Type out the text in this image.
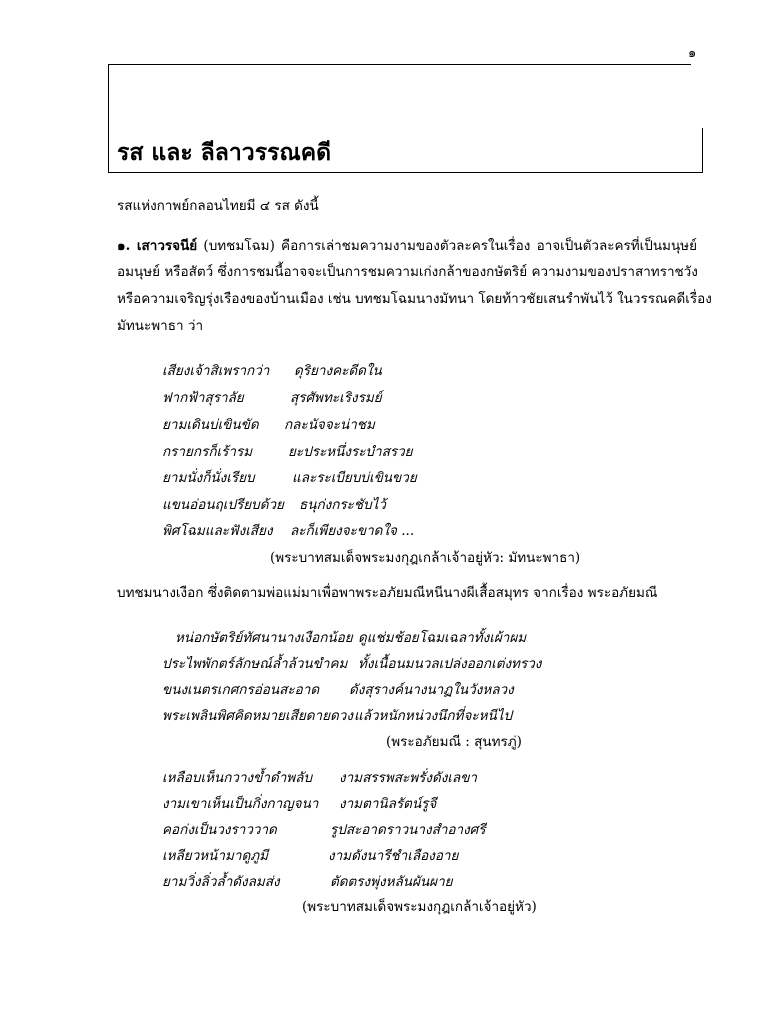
๑
รส และ ลีลาวรรณคดี
รสแห่งกาพย์กลอนไทยมี ๔ รส ดังนี้
๑. เสาวรจนีย์ (บทชมโฉม) คือการเล่าชมความงามของตัวละครในเรื่อง อาจเป็นตัวละครที่เป็นมนุษย์
อมนุษย์ หรือสัตว์ ซึ่งการชมนี้อาจจะเป็นการชมความเก่งกล้าของกษัตริย์ ความงามของปราสาทราชวัง
หรือความเจริญรุ่งเรืองของบ้านเมือง เช่น บทชมโฉมนางมัทนา โดยท้าวชัยเสนรำพันไว้ ในวรรณคดีเรื่อง
มัทนะพาธา ว่า
เสียงเจ้าสิเพรากว่า ดุริยางคะดีดใน
ฟากฟ้าสุราลัย	สุรศัพทะเริงรมย์
ยามเดินบ่เขินขัด กละนัจจะน่าชม
กรายกรก็เร้ารม	ยะประหนึ่งระบำสรวย
ยามนั่งก็นั่งเรียบ	และระเบียบบ่เขินขวย
แขนอ่อนฤเปรียบด้วย ธนุก่งกระชับไว้
พิศโฉมและฟังเสียง ละก็เพียงจะขาดใจ ...
(พระบาทสมเด็จพระมงกุฎเกล้าเจ้าอยู่หัว: มัทนะพาธา)
บทชมนางเงือก ซึ่งติดตามพ่อแม่มาเพื่อพาพระอภัยมณีหนีนางผีเสื้อสมุทร จากเรื่อง พระอภัยมณี
หน่อกษัตริย์ทัศนานางเงือกน้อย ดูแช่มช้อยโฉมเฉลาทั้งเผ้าผม
ประไพพักตร์ลักษณ์ล้ำล้วนขำคม ทั้งเนื้อนมนวลเปล่งออกเต่งทรวง
ขนงเนตรเกศกรอ่อนสะอาด ดังสุรางค์นางนาฏในวังหลวง
พระเพลินพิศคิดหมายเสียดายดวง แล้วหนักหน่วงนึกที่จะหนีไป
(พระอภัยมณี : สุนทรภู่)
เหลือบเห็นกวางข้ำดำพลับ งามสรรพสะพรั่งดังเลขา
งามเขาเห็นเป็นกิ่งกาญจนา งามตานิลรัตน์รูจี
คอก่งเป็นวงราววาด	รูปสะอาดราวนางสำอางศรี
เหลียวหน้ามาดูภูมี	งามดังนารีชำเลืองอาย
ยามวิ่งลิ่วล้ำดังลมส่ง	ตัดตรงพุ่งหลันผันผาย
(พระบาทสมเด็จพระมงกุฎเกล้าเจ้าอยู่หัว)
